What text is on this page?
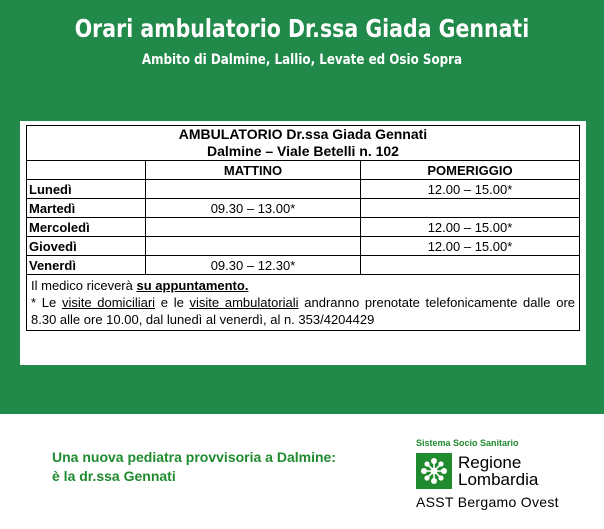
Orari ambulatorio Dr.ssa Giada Gennati
Ambito di Dalmine, Lallio, Levate ed Osio Sopra
AMBULATORIO Dr.ssa Giada Gennati
Dalmine – Viale Betelli n. 102		

	MATTINO	POMERIGGIO
Lunedì		12.00 – 15.00*
Martedì	09.30 – 13.00*	
Mercoledì		12.00 – 15.00*
Giovedì		12.00 – 15.00*
Venerdì	09.30 – 12.30*	

Il medico riceverà su appuntamento.
* Le visite domiciliari e le visite ambulatoriali andranno prenotate telefonicamente dalle ore 8.30 alle ore 10.00, dal lunedì al venerdì, al n. 353/4204429		
Una nuova pediatra provvisoria a Dalmine: è la dr.ssa Gennati
Sistema Socio Sanitario
Regione
Lombardia
ASST Bergamo Ovest
